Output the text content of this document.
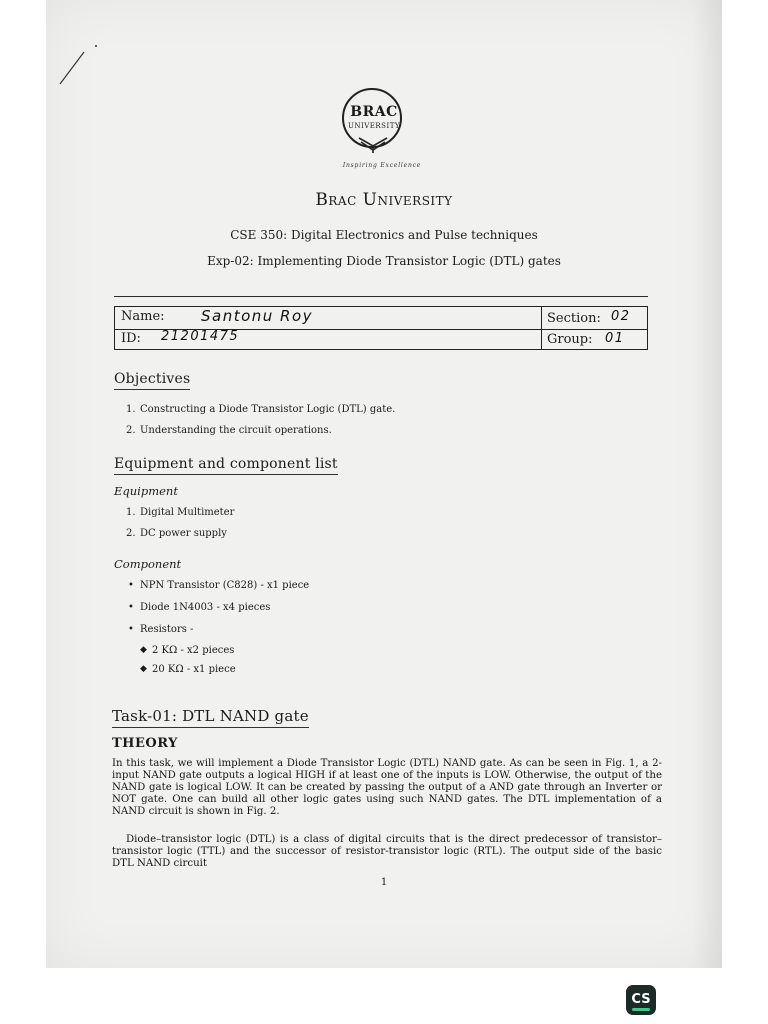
BRAC
UNIVERSITY
Inspiring Excellence
Brac University
CSE 350: Digital Electronics and Pulse techniques
Exp-02: Implementing Diode Transistor Logic (DTL) gates
Name: Santonu Roy
ID: 21201475
Section: 02
Group: 01
Objectives
1. Constructing a Diode Transistor Logic (DTL) gate.
2. Understanding the circuit operations.
Equipment and component list
Equipment
1. Digital Multimeter
2. DC power supply
Component
• NPN Transistor (C828) - x1 piece
• Diode 1N4003 - x4 pieces
• Resistors -
◆ 2 KΩ - x2 pieces
◆ 20 KΩ - x1 piece
Task-01: DTL NAND gate
THEORY
In this task, we will implement a Diode Transistor Logic (DTL) NAND gate. As can be seen in Fig. 1, a 2-input NAND gate outputs a logical HIGH if at least one of the inputs is LOW. Otherwise, the output of the NAND gate is logical LOW. It can be created by passing the output of a AND gate through an Inverter or NOT gate. One can build all other logic gates using such NAND gates. The DTL implementation of a NAND circuit is shown in Fig. 2.
Diode–transistor logic (DTL) is a class of digital circuits that is the direct predecessor of transistor–transistor logic (TTL) and the successor of resistor-transistor logic (RTL). The output side of the basic DTL NAND circuit
1
CS
